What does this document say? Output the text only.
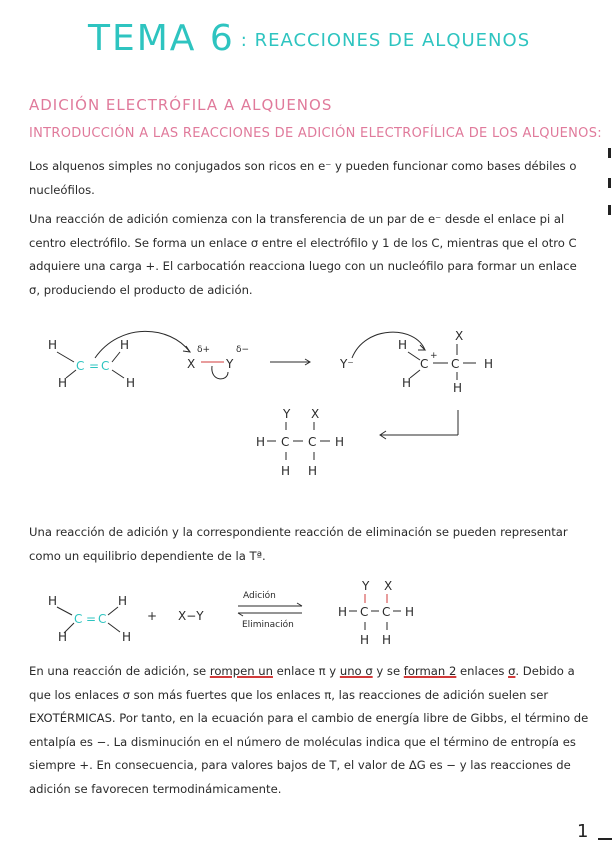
TEMA 6 : REACCIONES DE ALQUENOS
ADICIÓN ELECTRÓFILA A ALQUENOS
INTRODUCCIÓN A LAS REACCIONES DE ADICIÓN ELECTROFÍLICA DE LOS ALQUENOS:
Los alquenos simples no conjugados son ricos en e⁻ y pueden funcionar como bases débiles o nucleófilos.
Una reacción de adición comienza con la transferencia de un par de e⁻ desde el enlace pi al centro electrófilo. Se forma un enlace σ entre el electrófilo y 1 de los C, mientras que el otro C adquiere una carga +. El carbocatión reacciona luego con un nucleófilo para formar un enlace σ, produciendo el producto de adición.
H
H
H
H
C = C	X
δ+
Y
δ−
Y⁻
H
H
C
+
C
X
H
H
Y X
H C C H
H H
Una reacción de adición y la correspondiente reacción de eliminación se pueden representar como un equilibrio dependiente de la Tª.
H
H
H
H
C = C	+ X−Y
Adición
Eliminación
Y X
H C C H
H H
En una reacción de adición, se rompen un enlace π y uno σ y se forman 2 enlaces σ. Debido a que los enlaces σ son más fuertes que los enlaces π, las reacciones de adición suelen ser EXOTÉRMICAS. Por tanto, en la ecuación para el cambio de energía libre de Gibbs, el término de entalpía es −. La disminución en el número de moléculas indica que el término de entropía es siempre +. En consecuencia, para valores bajos de T, el valor de ΔG es − y las reacciones de adición se favorecen termodinámicamente.
1
